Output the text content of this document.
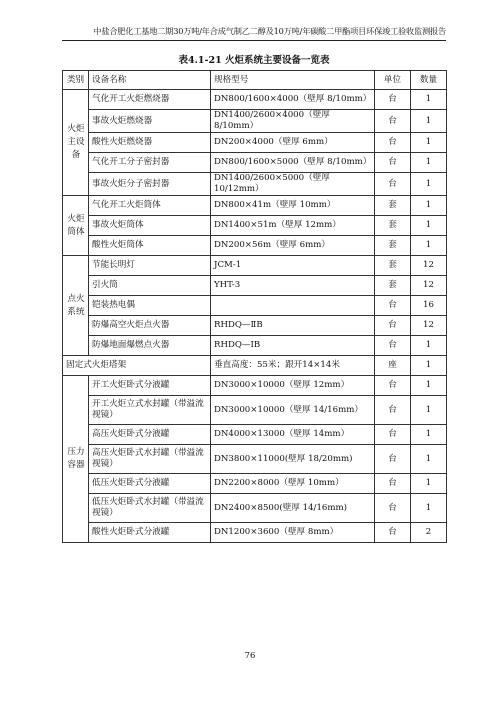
中盐合肥化工基地二期30万吨/年合成气制乙二醇及10万吨/年碳酸二甲酯项目环保竣工验收监测报告
表4.1-21 火炬系统主要设备一览表
类别	设备名称	规格型号	单位	数量

火炬主设备	气化开工火炬燃烧器	DN800/1600×4000（壁厚 8/10mm）	台	1
	事故火炬燃烧器	DN1400/2600×4000（壁厚 8/10mm）	台	1
	酸性火炬燃烧器	DN200×4000（壁厚 6mm）	台	1
	气化开工分子密封器	DN800/1600×5000（壁厚 8/10mm）	台	1
	事故火炬分子密封器	DN1400/2600×5000（壁厚 10/12mm）	台	1

火炬筒体	气化开工火炬筒体	DN800×41m（壁厚 10mm）	套	1
	事故火炬筒体	DN1400×51m（壁厚 12mm）	套	1
	酸性火炬筒体	DN200×56m（壁厚 6mm）	套	1

点火系统	节能长明灯	JCM-1	套	12
	引火筒	YHT-3	套	12
	铠装热电偶		台	16
	防爆高空火炬点火器	RHDQ—ⅡB	台	12
	防爆地面爆燃点火器	RHDQ—ⅠB	台	1
固定式火炬塔架		垂直高度：55米；跟开14×14米	座	1

压力容器	开工火炬卧式分液罐	DN3000×10000（壁厚 12mm）	台	1
	开工火炬立式水封罐（带溢流视镜）	DN3000×10000（壁厚 14/16mm）	台	1
	高压火炬卧式分液罐	DN4000×13000（壁厚 14mm）	台	1
	高压火炬卧式水封罐（带溢流视镜）	DN3800×11000(壁厚 18/20mm)	台	1
	低压火炬卧式分液罐	DN2200×8000（壁厚 10mm）	台	1
	低压火炬卧式水封罐（带溢流视镜）	DN2400×8500(壁厚 14/16mm)	台	1
	酸性火炬卧式分液罐	DN1200×3600（壁厚 8mm）	台	2
76
